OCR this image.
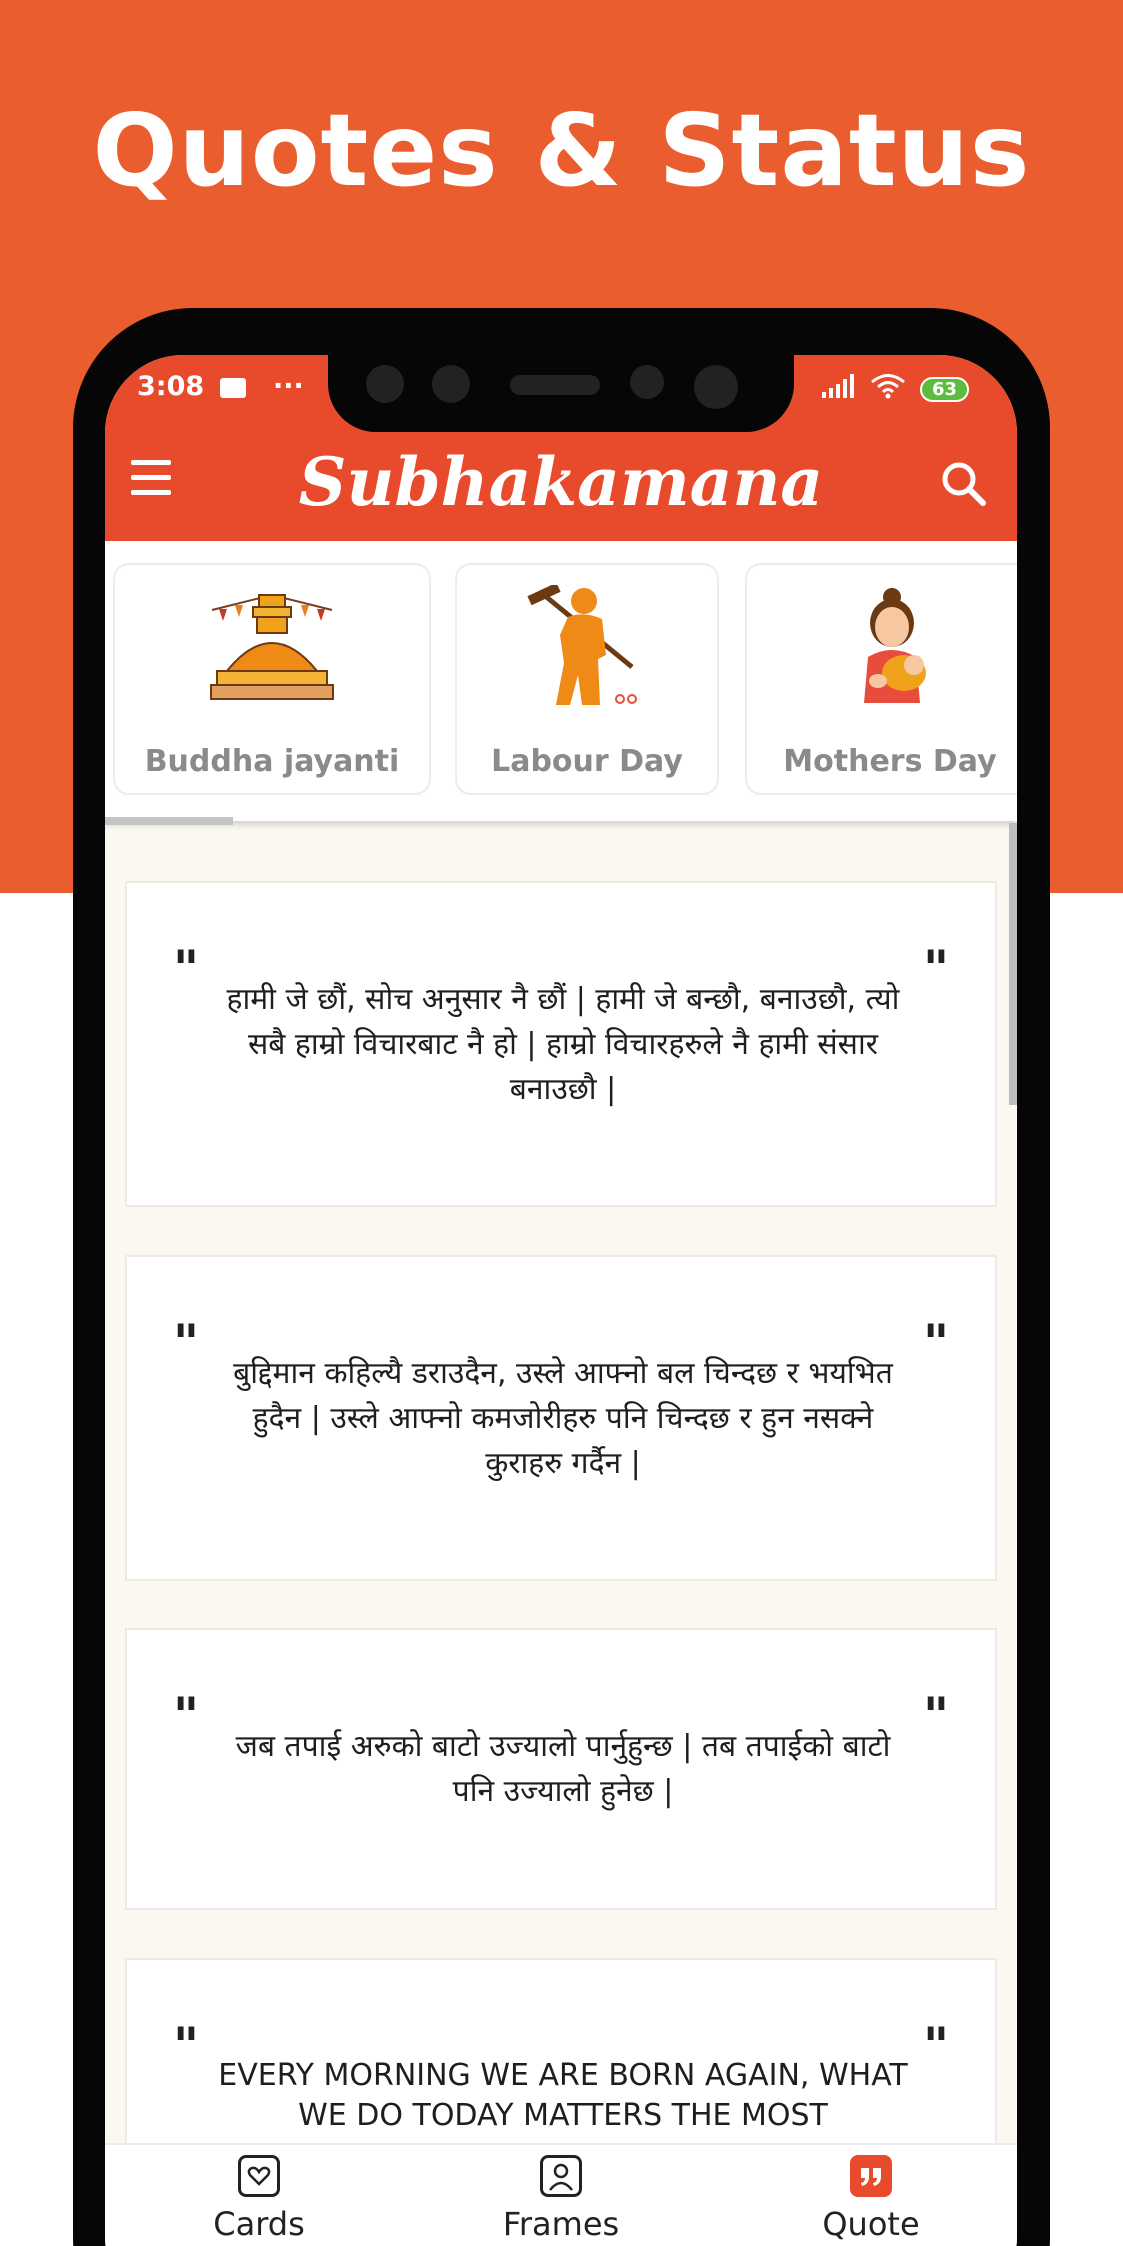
Quotes & Status
3:08	···	63
Subhakamana
Buddha jayanti	Labour Day	Mothers Day
"	"
हामी जे छौं, सोच अनुसार नै छौं | हामी जे बन्छौ, बनाउछौ, त्यो सबै हाम्रो विचारबाट नै हो | हाम्रो विचारहरुले नै हामी संसार बनाउछौ |
"	"
बुद्दिमान कहिल्यै डराउदैन, उस्ले आफ्नो बल चिन्दछ र भयभित हुदैन | उस्ले आफ्नो कमजोरीहरु पनि चिन्दछ र हुन नसक्ने कुराहरु गर्दैन |
"	"
जब तपाई अरुको बाटो उज्यालो पार्नुहुन्छ | तब तपाईको बाटो पनि उज्यालो हुनेछ |
"	"
EVERY MORNING WE ARE BORN AGAIN, WHAT WE DO TODAY MATTERS THE MOST
Cards	Frames	Quote
